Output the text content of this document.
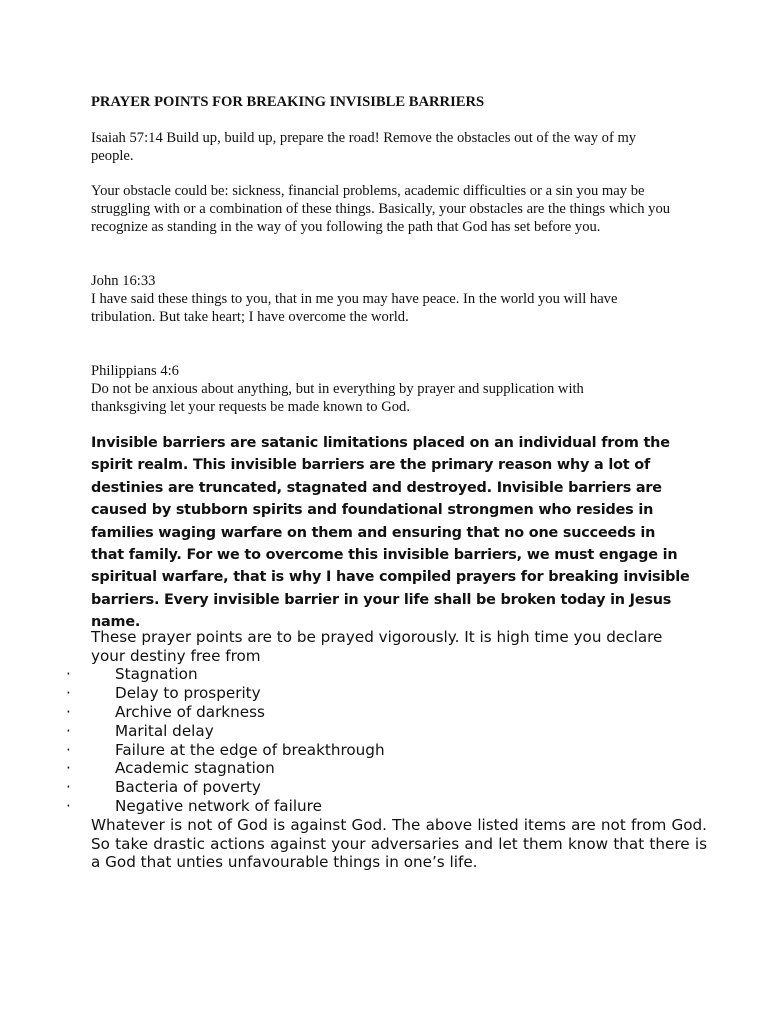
PRAYER POINTS FOR BREAKING INVISIBLE BARRIERS

Isaiah 57:14 Build up, build up, prepare the road! Remove the obstacles out of the way of my people.

Your obstacle could be: sickness, financial problems, academic difficulties or a sin you may be struggling with or a combination of these things. Basically, your obstacles are the things which you recognize as standing in the way of you following the path that God has set before you.

John 16:33

I have said these things to you, that in me you may have peace. In the world you will have tribulation. But take heart; I have overcome the world.

Philippians 4:6

Do not be anxious about anything, but in everything by prayer and supplication with thanksgiving let your requests be made known to God.

Invisible barriers are satanic limitations placed on an individual from the spirit realm. This invisible barriers are the primary reason why a lot of destinies are truncated, stagnated and destroyed. Invisible barriers are caused by stubborn spirits and foundational strongmen who resides in families waging warfare on them and ensuring that no one succeeds in that family. For we to overcome this invisible barriers, we must engage in spiritual warfare, that is why I have compiled prayers for breaking invisible barriers. Every invisible barrier in your life shall be broken today in Jesus name.

These prayer points are to be prayed vigorously. It is high time you declare your destiny free from

·	Stagnation
·	Delay to prosperity
·	Archive of darkness
·	Marital delay
·	Failure at the edge of breakthrough
·	Academic stagnation
·	Bacteria of poverty
·	Negative network of failure

Whatever is not of God is against God. The above listed items are not from God. So take drastic actions against your adversaries and let them know that there is a God that unties unfavourable things in one’s life.
